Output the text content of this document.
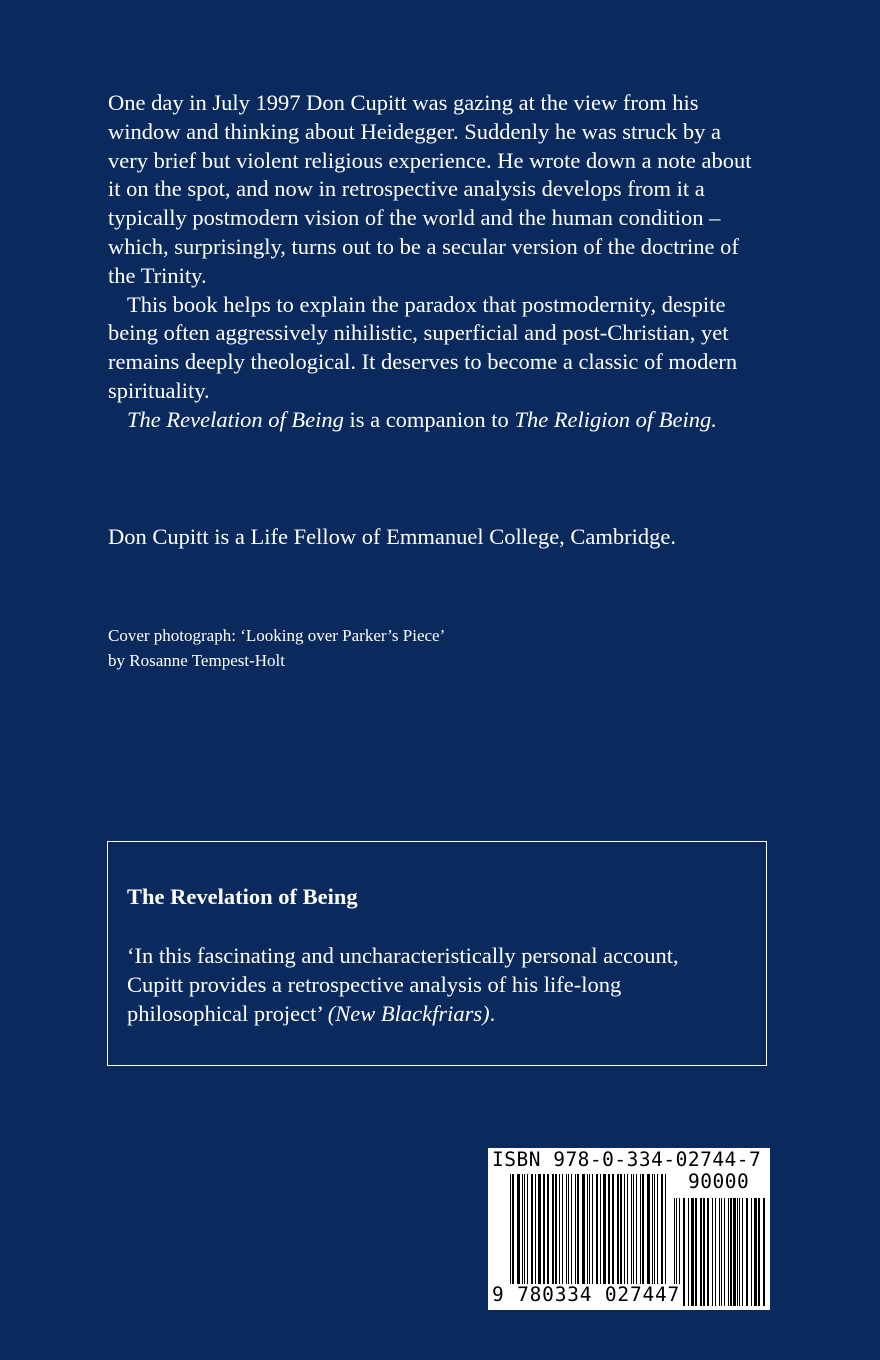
One day in July 1997 Don Cupitt was gazing at the view from his window and thinking about Heidegger. Suddenly he was struck by a very brief but violent religious experience. He wrote down a note about it on the spot, and now in retrospective analysis develops from it a typically postmodern vision of the world and the human condition – which, surprisingly, turns out to be a secular version of the doctrine of the Trinity.

This book helps to explain the paradox that postmodernity, despite being often aggressively nihilistic, superficial and post-Christian, yet remains deeply theological. It deserves to become a classic of modern spirituality.

The Revelation of Being is a companion to The Religion of Being.

Don Cupitt is a Life Fellow of Emmanuel College, Cambridge.

Cover photograph: ‘Looking over Parker’s Piece’
by Rosanne Tempest-Holt

The Revelation of Being

‘In this fascinating and uncharacteristically personal account, Cupitt provides a retrospective analysis of his life-long philosophical project’ (New Blackfriars).

ISBN 978-0-334-02744-7
90000
9 780334 027447
